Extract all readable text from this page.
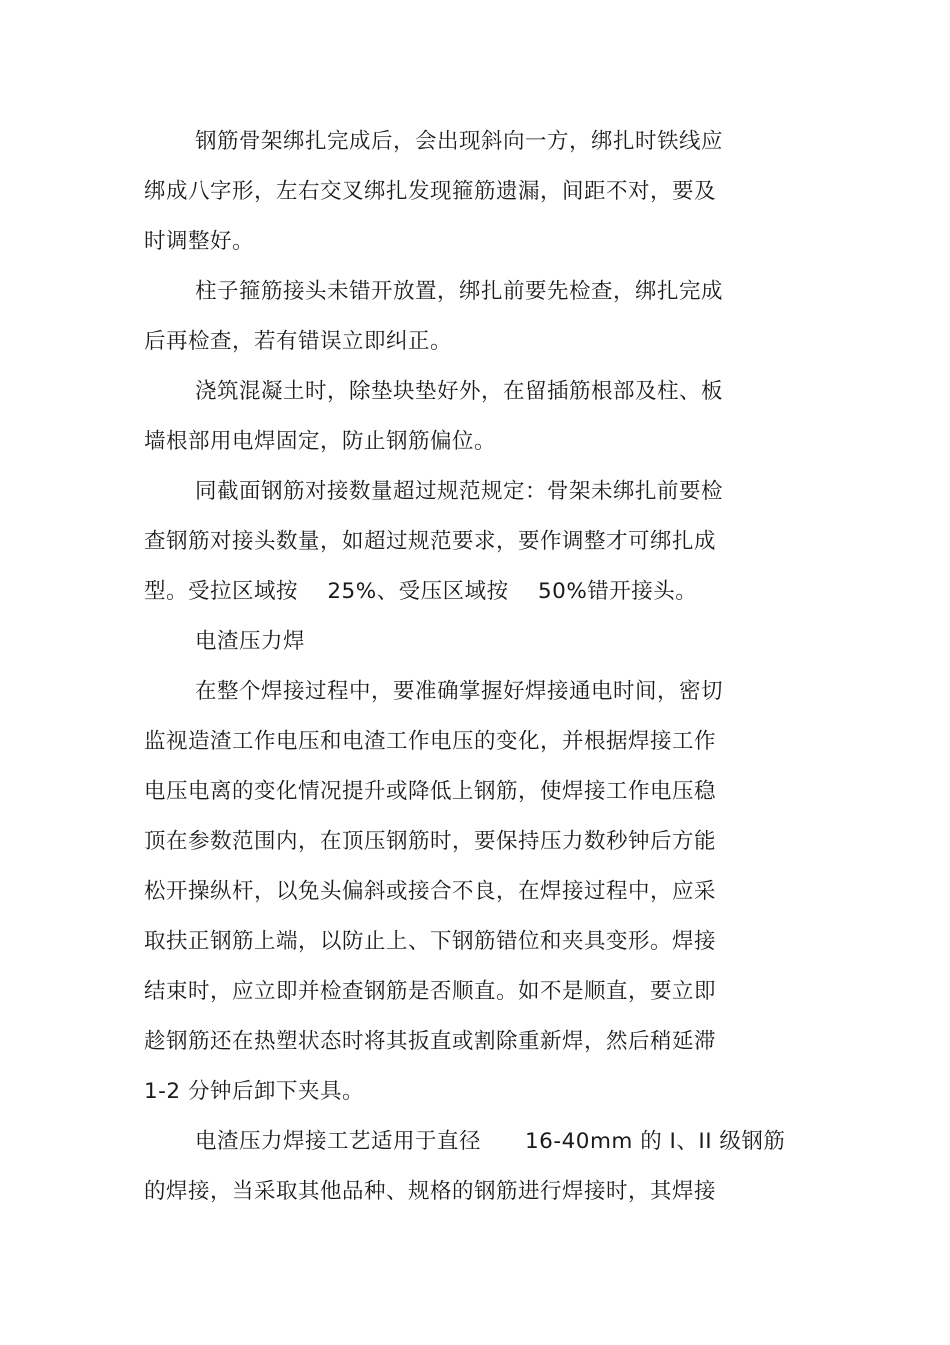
钢筋骨架绑扎完成后，会出现斜向一方，绑扎时铁线应
绑成八字形，左右交叉绑扎发现箍筋遗漏，间距不对，要及
时调整好。
柱子箍筋接头未错开放置，绑扎前要先检查，绑扎完成
后再检查，若有错误立即纠正。
浇筑混凝土时，除垫块垫好外，在留插筋根部及柱、板
墙根部用电焊固定，防止钢筋偏位。
同截面钢筋对接数量超过规范规定：骨架未绑扎前要检
查钢筋对接头数量，如超过规范要求，要作调整才可绑扎成
型。受拉区域按    25%、受压区域按    50%错开接头。
电渣压力焊
在整个焊接过程中，要准确掌握好焊接通电时间，密切
监视造渣工作电压和电渣工作电压的变化，并根据焊接工作
电压电离的变化情况提升或降低上钢筋，使焊接工作电压稳
顶在参数范围内，在顶压钢筋时，要保持压力数秒钟后方能
松开操纵杆，以免头偏斜或接合不良，在焊接过程中，应采
取扶正钢筋上端，以防止上、下钢筋错位和夹具变形。焊接
结束时，应立即并检查钢筋是否顺直。如不是顺直，要立即
趁钢筋还在热塑状态时将其扳直或割除重新焊，然后稍延滞
1-2 分钟后卸下夹具。
电渣压力焊接工艺适用于直径      16-40mm 的 I、II 级钢筋
的焊接，当采取其他品种、规格的钢筋进行焊接时，其焊接
